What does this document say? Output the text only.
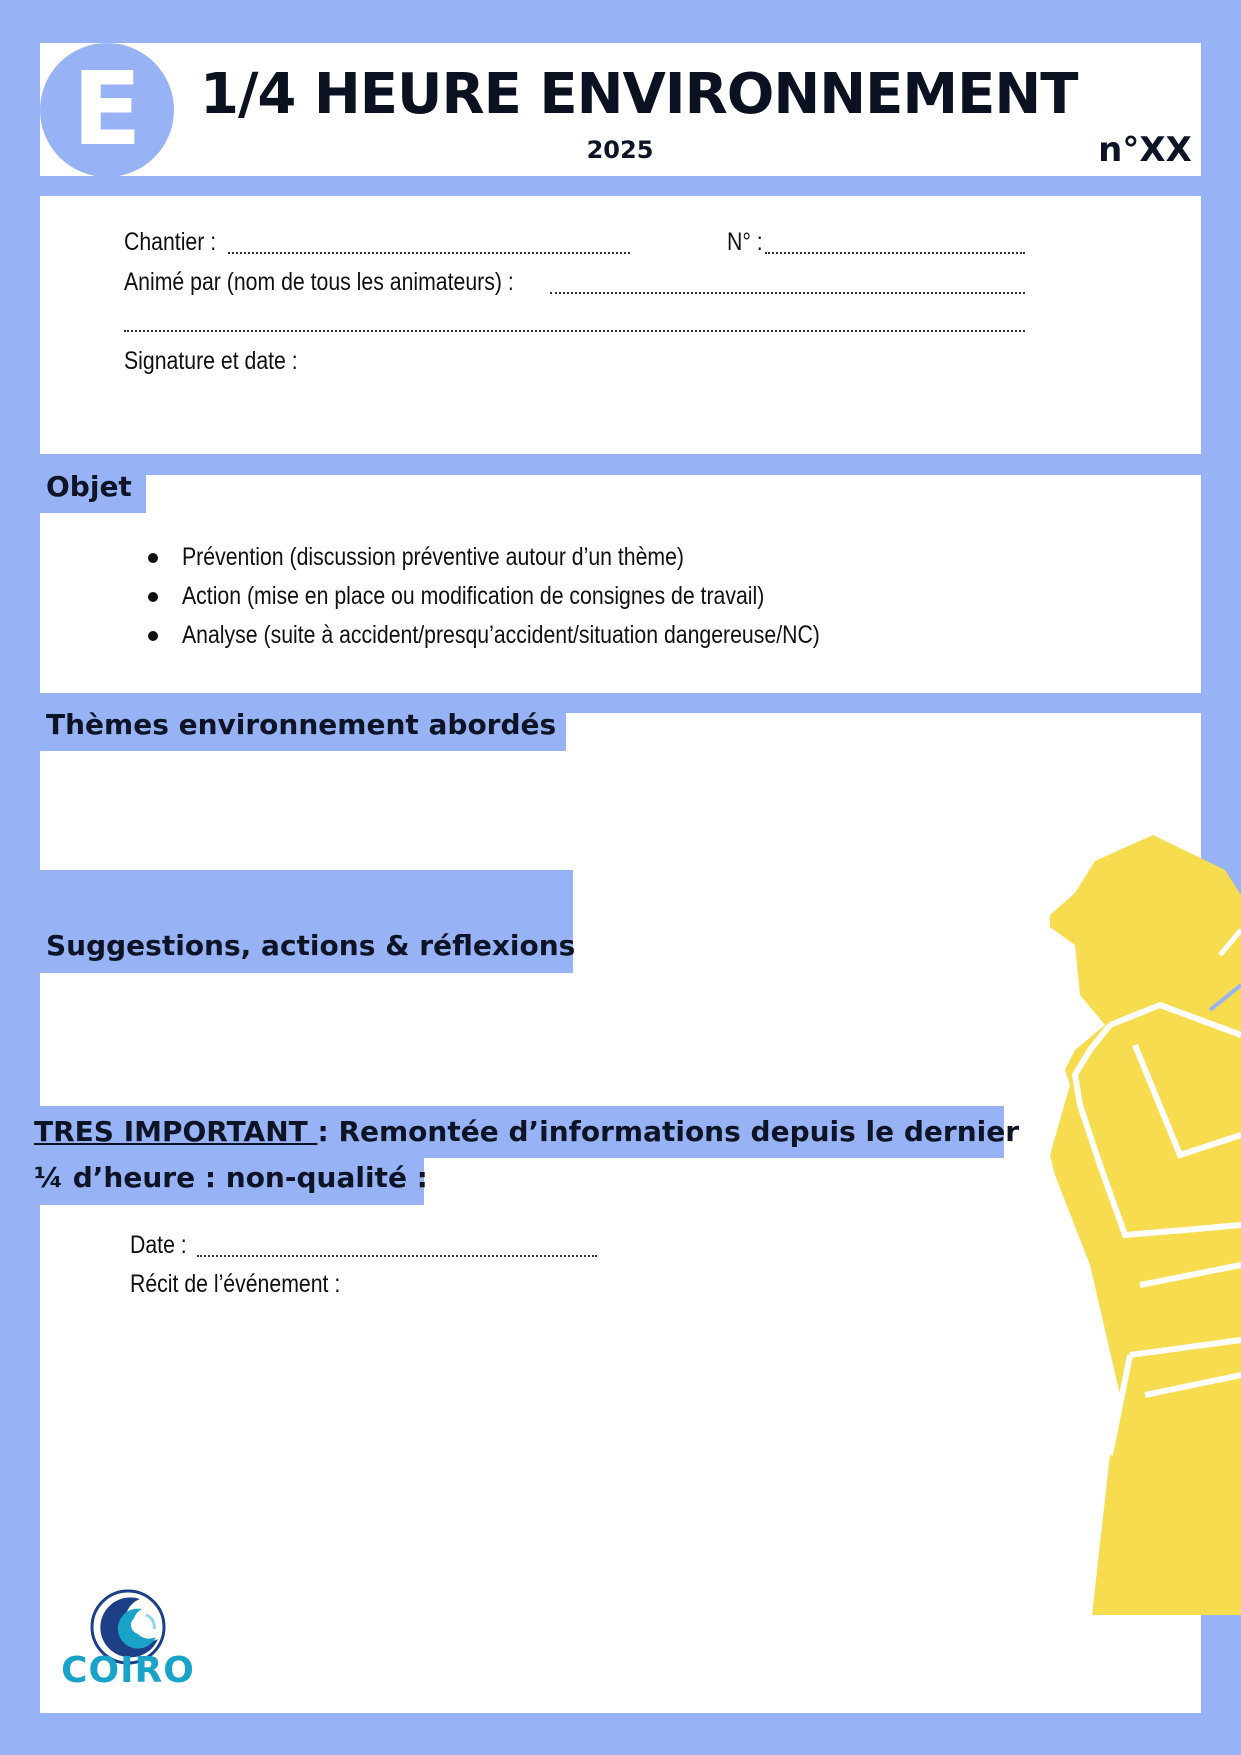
E	1/4 HEURE ENVIRONNEMENT
2025	n°XX
Chantier :	N° :
Animé par (nom de tous les animateurs) :
Signature et date :
Objet
Prévention (discussion préventive autour d’un thème)
Action (mise en place ou modification de consignes de travail)
Analyse (suite à accident/presqu’accident/situation dangereuse/NC)
Thèmes environnement abordés
Suggestions, actions & réflexions
TRES IMPORTANT : Remontée d’informations depuis le dernier
¼ d’heure : non-qualité :
Date :
Récit de l’événement :
COIRO
